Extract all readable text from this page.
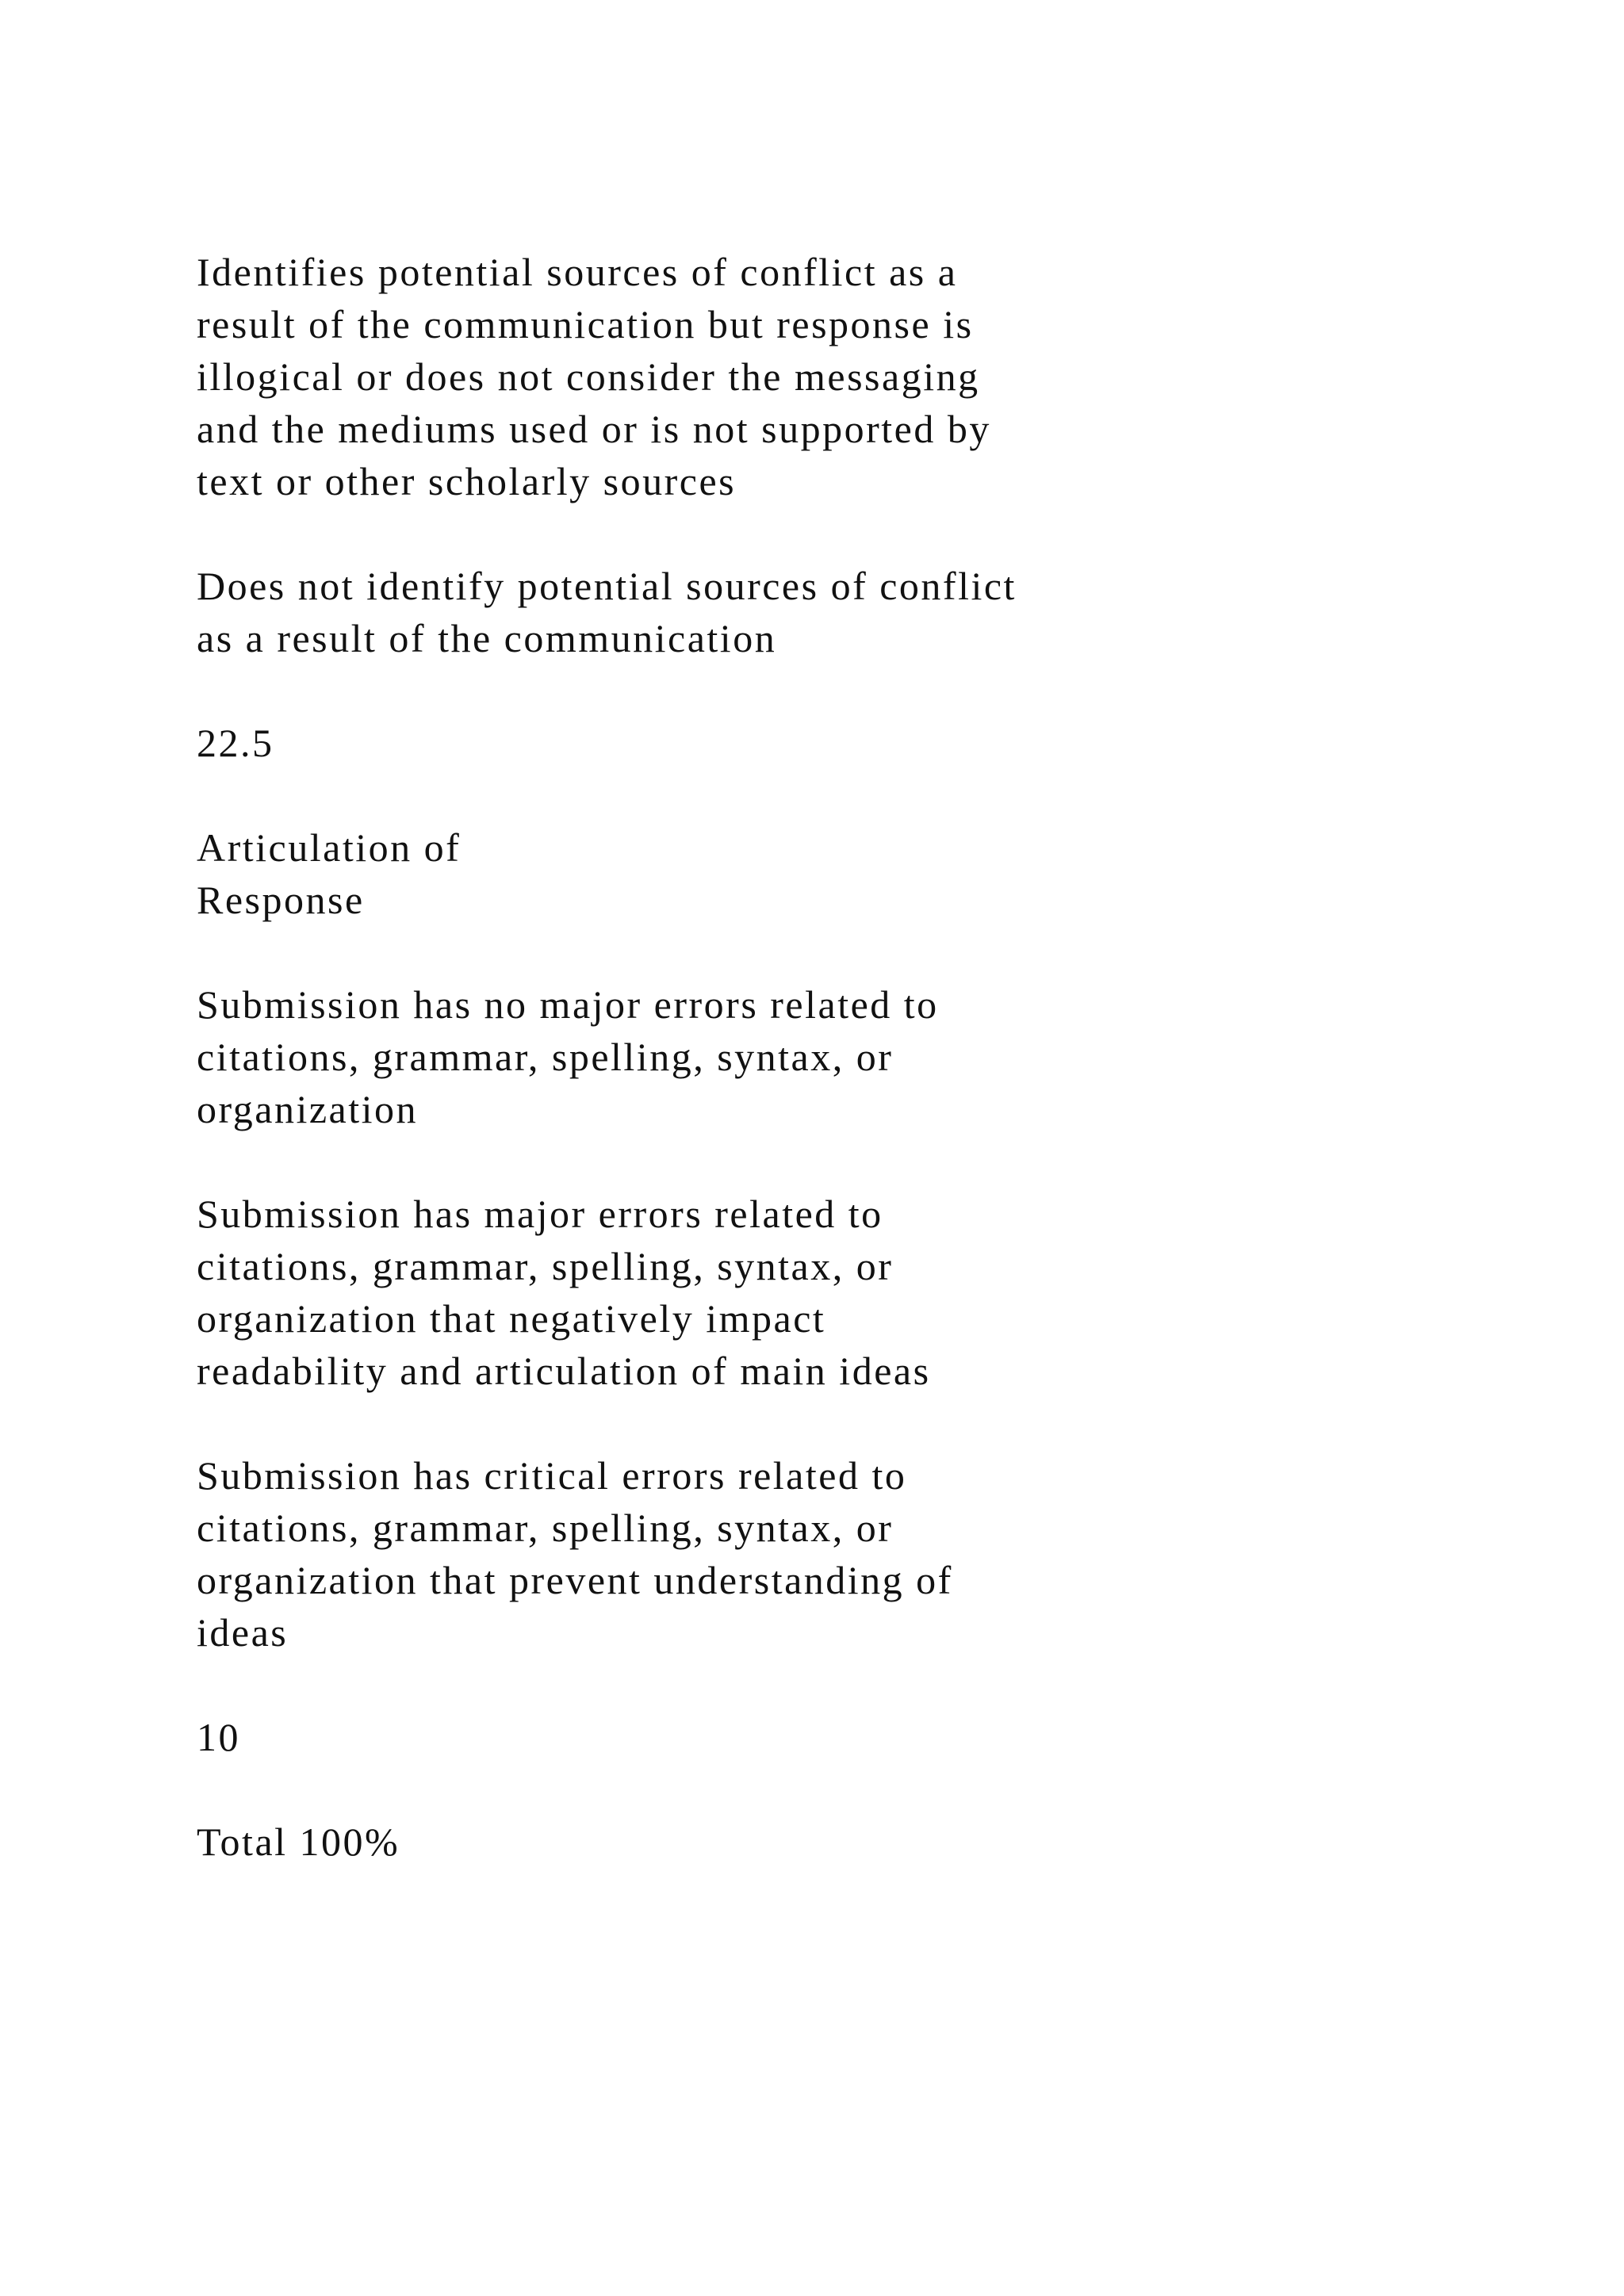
Identifies potential sources of conflict as a
result of the communication but response is
illogical or does not consider the messaging
and the mediums used or is not supported by
text or other scholarly sources

Does not identify potential sources of conflict
as a result of the communication

22.5

Articulation of
Response

Submission has no major errors related to
citations, grammar, spelling, syntax, or
organization

Submission has major errors related to
citations, grammar, spelling, syntax, or
organization that negatively impact
readability and articulation of main ideas

Submission has critical errors related to
citations, grammar, spelling, syntax, or
organization that prevent understanding of
ideas

10

Total 100%
